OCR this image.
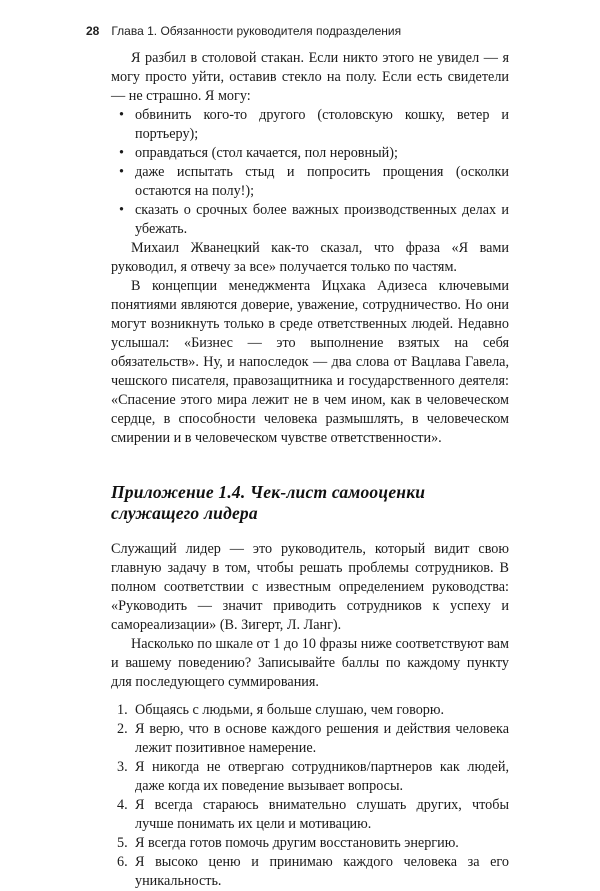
28 Глава 1. Обязанности руководителя подразделения

Я разбил в столовой стакан. Если никто этого не увидел — я могу просто уйти, оставив стекло на полу. Если есть свидетели — не страшно. Я могу:

• обвинить кого-то другого (столовскую кошку, ветер и портьеру);
• оправдаться (стол качается, пол неровный);
• даже испытать стыд и попросить прощения (осколки остаются на полу!);
• сказать о срочных более важных производственных делах и убежать.

Михаил Жванецкий как-то сказал, что фраза «Я вами руководил, я отвечу за все» получается только по частям.

В концепции менеджмента Ицхака Адизеса ключевыми понятиями являются доверие, уважение, сотрудничество. Но они могут возникнуть только в среде ответственных людей. Недавно услышал: «Бизнес — это выполнение взятых на себя обязательств». Ну, и напоследок — два слова от Вацлава Гавела, чешского писателя, правозащитника и государственного деятеля: «Спасение этого мира лежит не в чем ином, как в человеческом сердце, в способности человека размышлять, в человеческом смирении и в человеческом чувстве ответственности».

Приложение 1.4. Чек-лист самооценки служащего лидера

Служащий лидер — это руководитель, который видит свою главную задачу в том, чтобы решать проблемы сотрудников. В полном соответствии с известным определением руководства: «Руководить — значит приводить сотрудников к успеху и самореализации» (В. Зигерт, Л. Ланг).

Насколько по шкале от 1 до 10 фразы ниже соответствуют вам и вашему поведению? Записывайте баллы по каждому пункту для последующего суммирования.

1. Общаясь с людьми, я больше слушаю, чем говорю.
2. Я верю, что в основе каждого решения и действия человека лежит позитивное намерение.
3. Я никогда не отвергаю сотрудников/партнеров как людей, даже когда их поведение вызывает вопросы.
4. Я всегда стараюсь внимательно слушать других, чтобы лучше понимать их цели и мотивацию.
5. Я всегда готов помочь другим восстановить энергию.
6. Я высоко ценю и принимаю каждого человека за его уникальность.
